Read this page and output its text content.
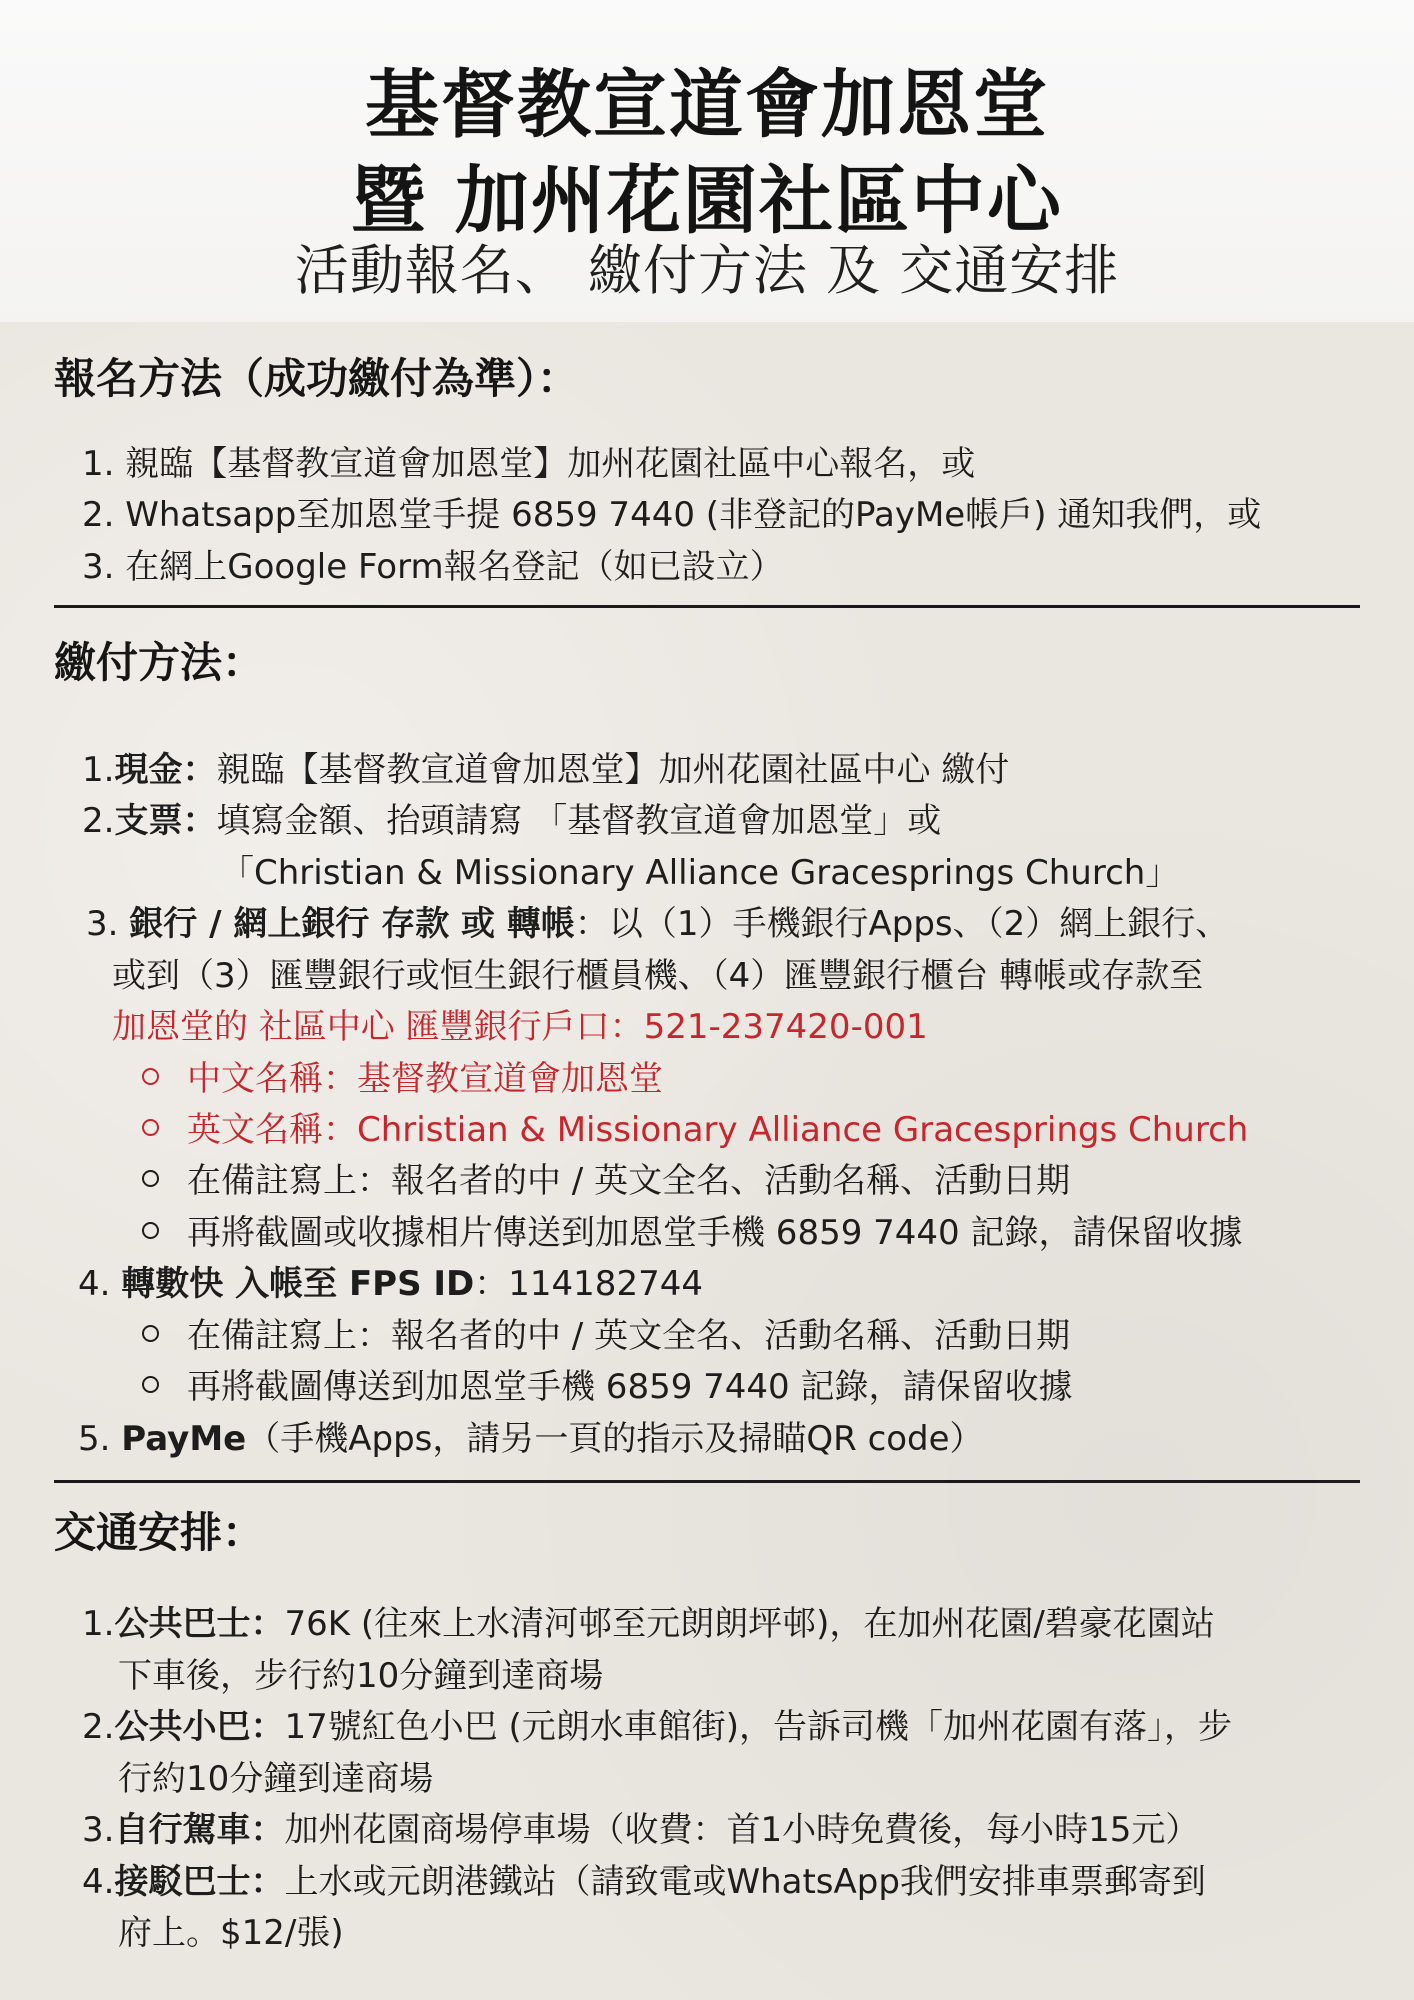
基督教宣道會加恩堂
暨 加州花園社區中心
活動報名、 繳付方法 及 交通安排
報名方法（成功繳付為準）：
1. 親臨【基督教宣道會加恩堂】加州花園社區中心報名，或
2. Whatsapp至加恩堂手提 6859 7440 (非登記的PayMe帳戶) 通知我們，或
3. 在網上Google Form報名登記（如已設立）
繳付方法：
1.現金：親臨【基督教宣道會加恩堂】加州花園社區中心 繳付
2.支票：填寫金額、抬頭請寫 「基督教宣道會加恩堂」或
「Christian & Missionary Alliance Gracesprings Church」
3. 銀行 / 網上銀行 存款 或 轉帳：以（1）手機銀行Apps、（2）網上銀行、
或到（3）匯豐銀行或恒生銀行櫃員機、（4）匯豐銀行櫃台 轉帳或存款至
加恩堂的 社區中心 匯豐銀行戶口：521-237420-001
中文名稱：基督教宣道會加恩堂
英文名稱：Christian & Missionary Alliance Gracesprings Church
在備註寫上：報名者的中 / 英文全名、活動名稱、活動日期
再將截圖或收據相片傳送到加恩堂手機 6859 7440 記錄，請保留收據
4. 轉數快 入帳至 FPS ID：114182744
在備註寫上：報名者的中 / 英文全名、活動名稱、活動日期
再將截圖傳送到加恩堂手機 6859 7440 記錄，請保留收據
5. PayMe（手機Apps，請另一頁的指示及掃瞄QR code）
交通安排：
1.公共巴士：76K (往來上水清河邨至元朗朗坪邨)，在加州花園/碧豪花園站
下車後，步行約10分鐘到達商場
2.公共小巴：17號紅色小巴 (元朗水車館街)，告訴司機「加州花園有落」，步
行約10分鐘到達商場
3.自行駕車：加州花園商場停車場（收費：首1小時免費後，每小時15元）
4.接駁巴士：上水或元朗港鐵站（請致電或WhatsApp我們安排車票郵寄到
府上。$12/張)
